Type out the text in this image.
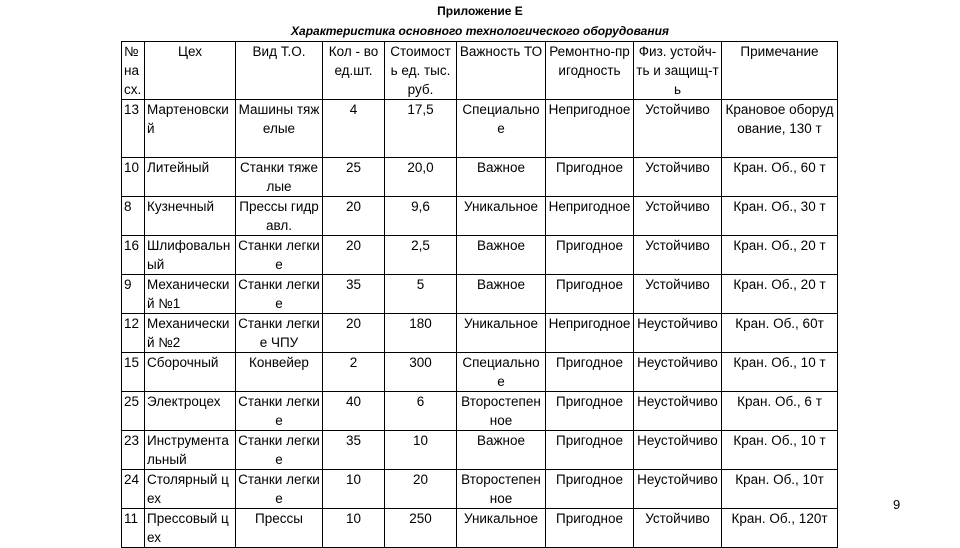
Приложение Е
Характеристика основного технологического оборудования
№ на сх.	Цех	Вид Т.О.	Кол - во ед.шт.	Стоимость ед. тыс. руб.	Важность ТО	Ремонтно-пригодность	Физ. устойч-ть и защищ-ть	Примечание
13	Мартеновский	Машины тяжелые	4	17,5	Специальное	Непригодное	Устойчиво	Крановое оборудование, 130 т
10	Литейный	Станки тяжелые	25	20,0	Важное	Пригодное	Устойчиво	Кран. Об., 60 т
8	Кузнечный	Прессы гидравл.	20	9,6	Уникальное	Непригодное	Устойчиво	Кран. Об., 30 т
16	Шлифовальный	Станки легкие	20	2,5	Важное	Пригодное	Устойчиво	Кран. Об., 20 т
9	Механический №1	Станки легкие	35	5	Важное	Пригодное	Устойчиво	Кран. Об., 20 т
12	Механический №2	Станки легкие ЧПУ	20	180	Уникальное	Непригодное	Неустойчиво	Кран. Об., 60т
15	Сборочный	Конвейер	2	300	Специальное	Пригодное	Неустойчиво	Кран. Об., 10 т
25	Электроцех	Станки легкие	40	6	Второстепенное	Пригодное	Неустойчиво	Кран. Об., 6 т
23	Инструментальный	Станки легкие	35	10	Важное	Пригодное	Неустойчиво	Кран. Об., 10 т
24	Столярный цех	Станки легкие	10	20	Второстепенное	Пригодное	Неустойчиво	Кран. Об., 10т
11	Прессовый цех	Прессы	10	250	Уникальное	Пригодное	Устойчиво	Кран. Об., 120т
9
